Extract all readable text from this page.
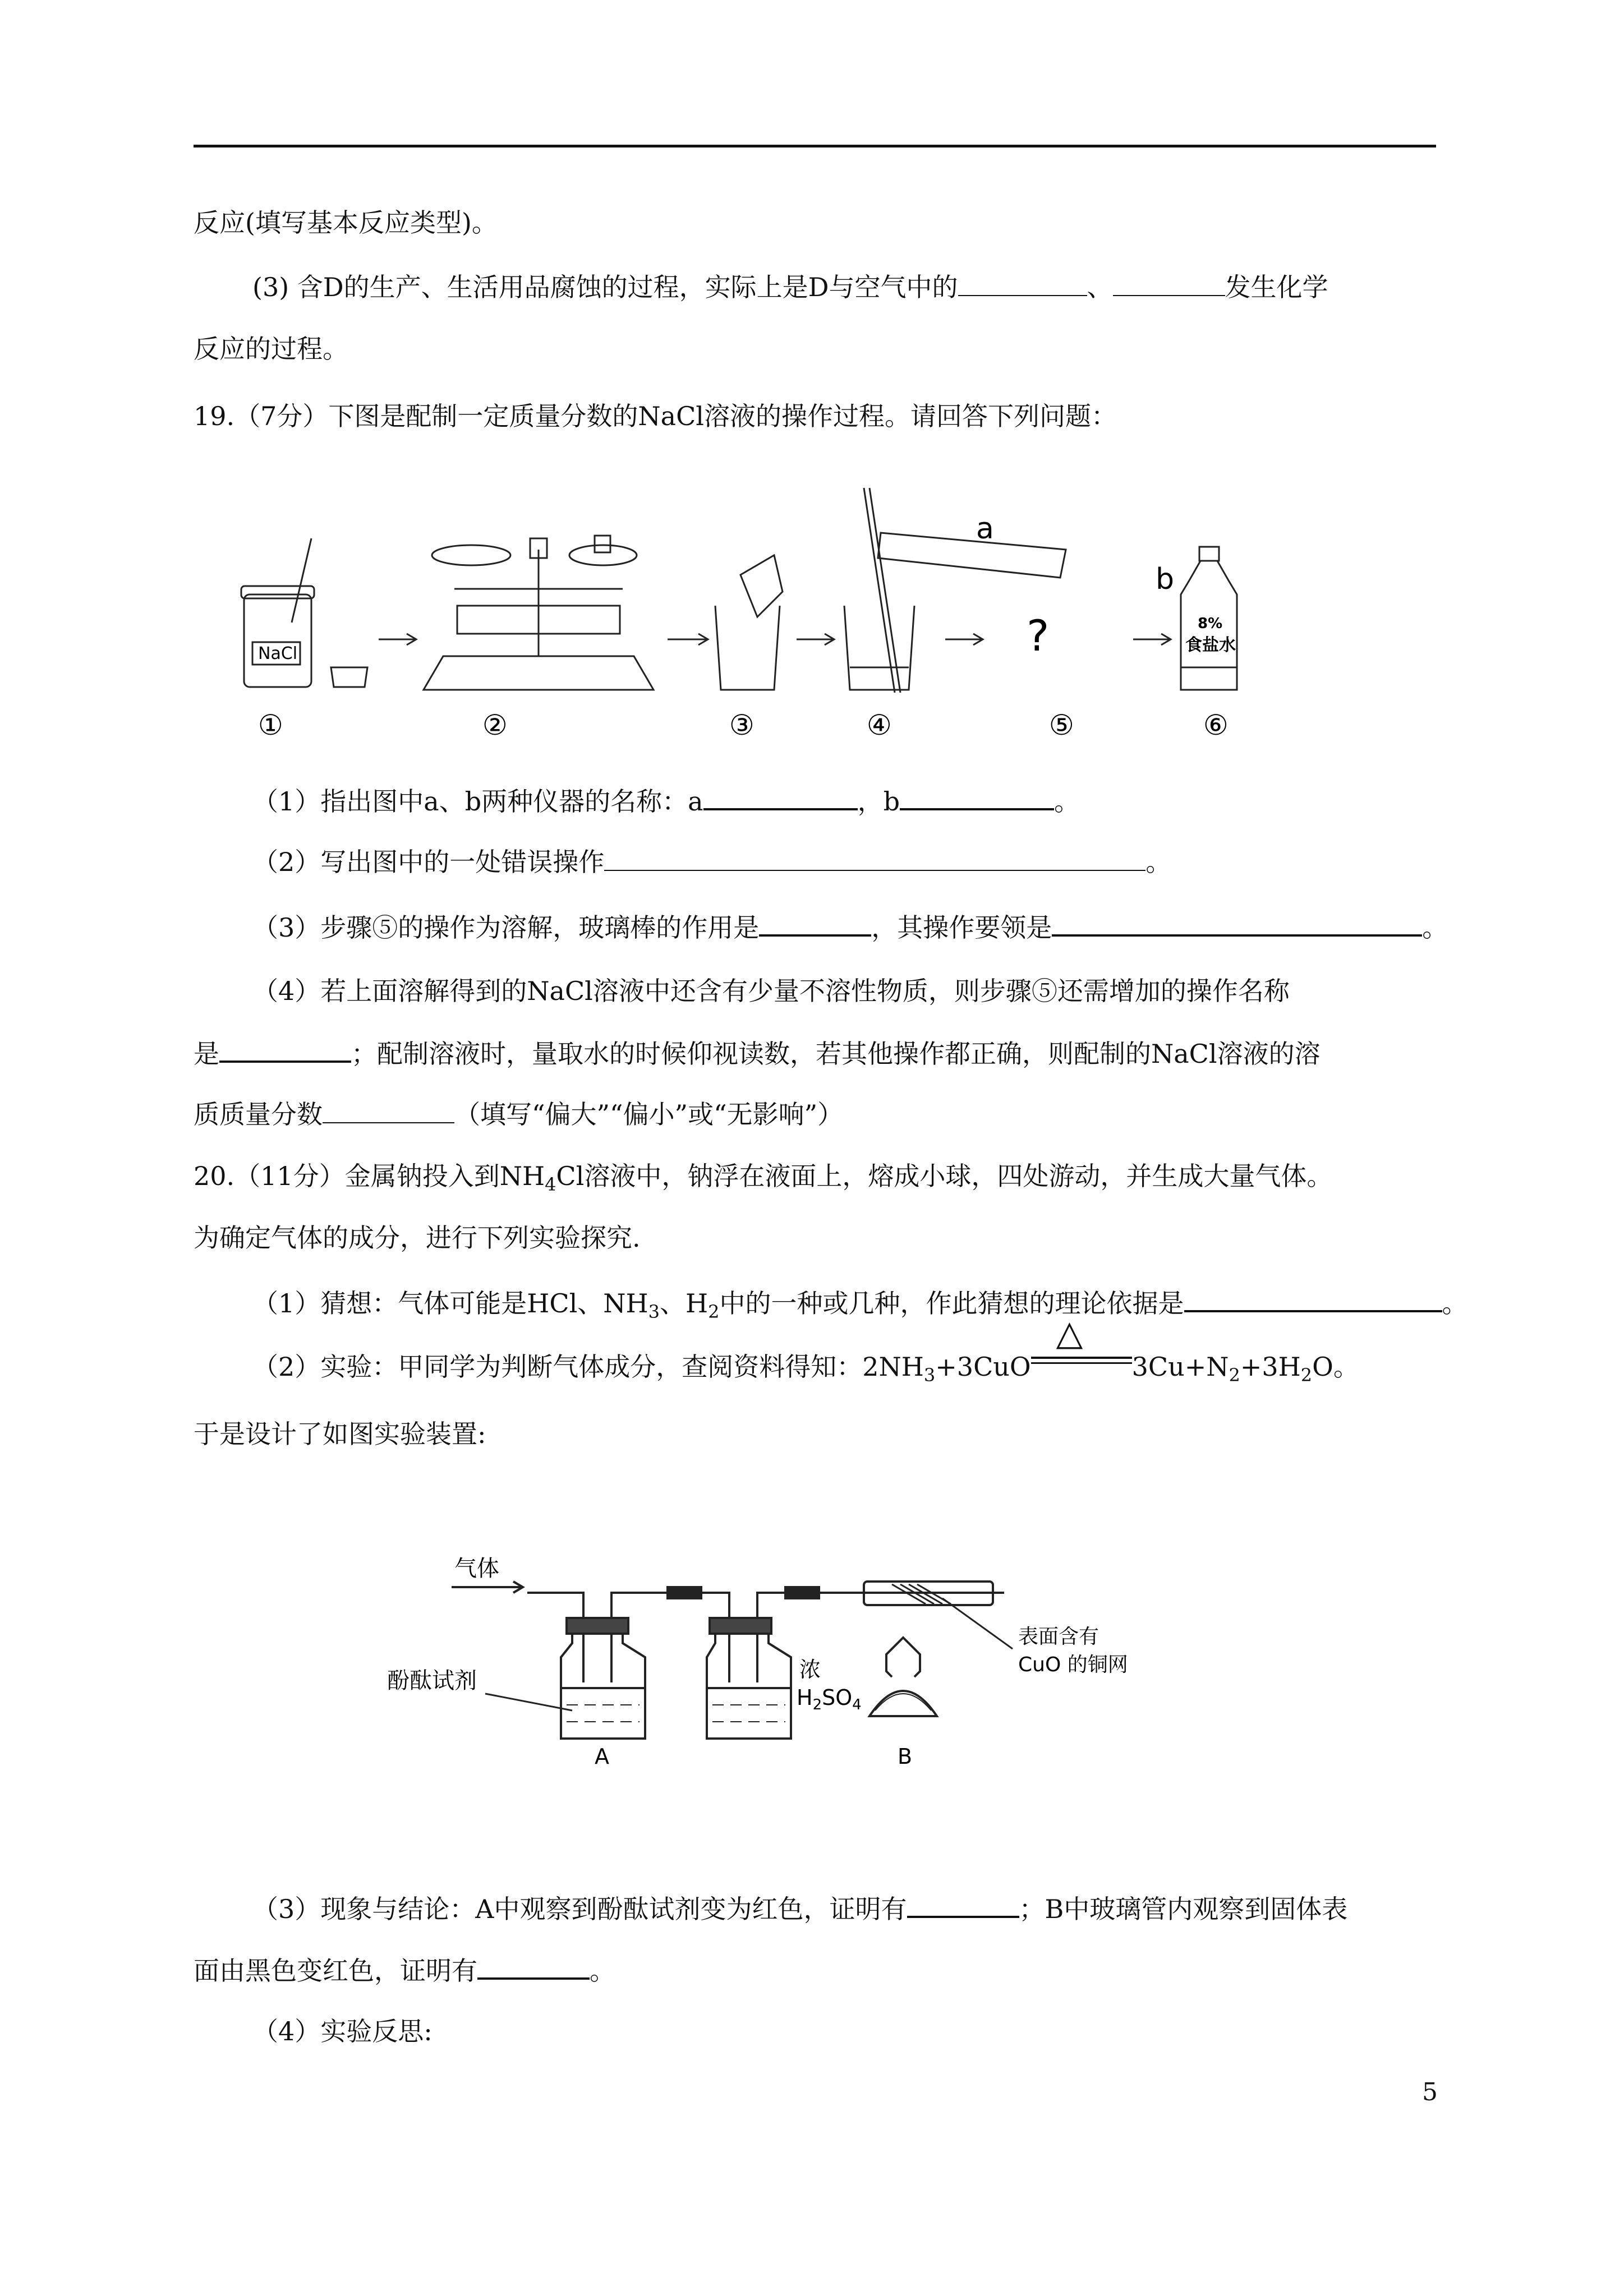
反应(填写基本反应类型)。
(3) 含D的生产、生活用品腐蚀的过程，实际上是D与空气中的	、	发生化学
反应的过程。
19.（7分）下图是配制一定质量分数的NaCl溶液的操作过程。请回答下列问题：
NaCl
a
b
?	8%
食盐水
①	②	③	④	⑤	⑥
（1）指出图中a、b两种仪器的名称：a	，b	。
（2）写出图中的一处错误操作	。
（3）步骤⑤的操作为溶解，玻璃棒的作用是	，其操作要领是	。
（4）若上面溶解得到的NaCl溶液中还含有少量不溶性物质，则步骤⑤还需增加的操作名称
是	；配制溶液时，量取水的时候仰视读数，若其他操作都正确，则配制的NaCl溶液的溶
质质量分数	（填写“偏大”“偏小”或“无影响”）
20.（11分）金属钠投入到$NH_4Cl$溶液中，钠浮在液面上，熔成小球，四处游动，并生成大量气体。
为确定气体的成分，进行下列实验探究.
（1）猜想：气体可能是HCl、$NH_3$、$H_2$中的一种或几种，作此猜想的理论依据是	。
（2）实验：甲同学为判断气体成分，查阅资料得知：$2NH_3+3CuO$
△
$3Cu+N_2+3H_2O$。
于是设计了如图实验装置:
气体
酚酞试剂	浓
$H_2SO_4$
表面含有
CuO 的铜网
A	B
（3）现象与结论：A中观察到酚酞试剂变为红色，证明有	；B中玻璃管内观察到固体表
面由黑色变红色，证明有	。
（4）实验反思:
5
